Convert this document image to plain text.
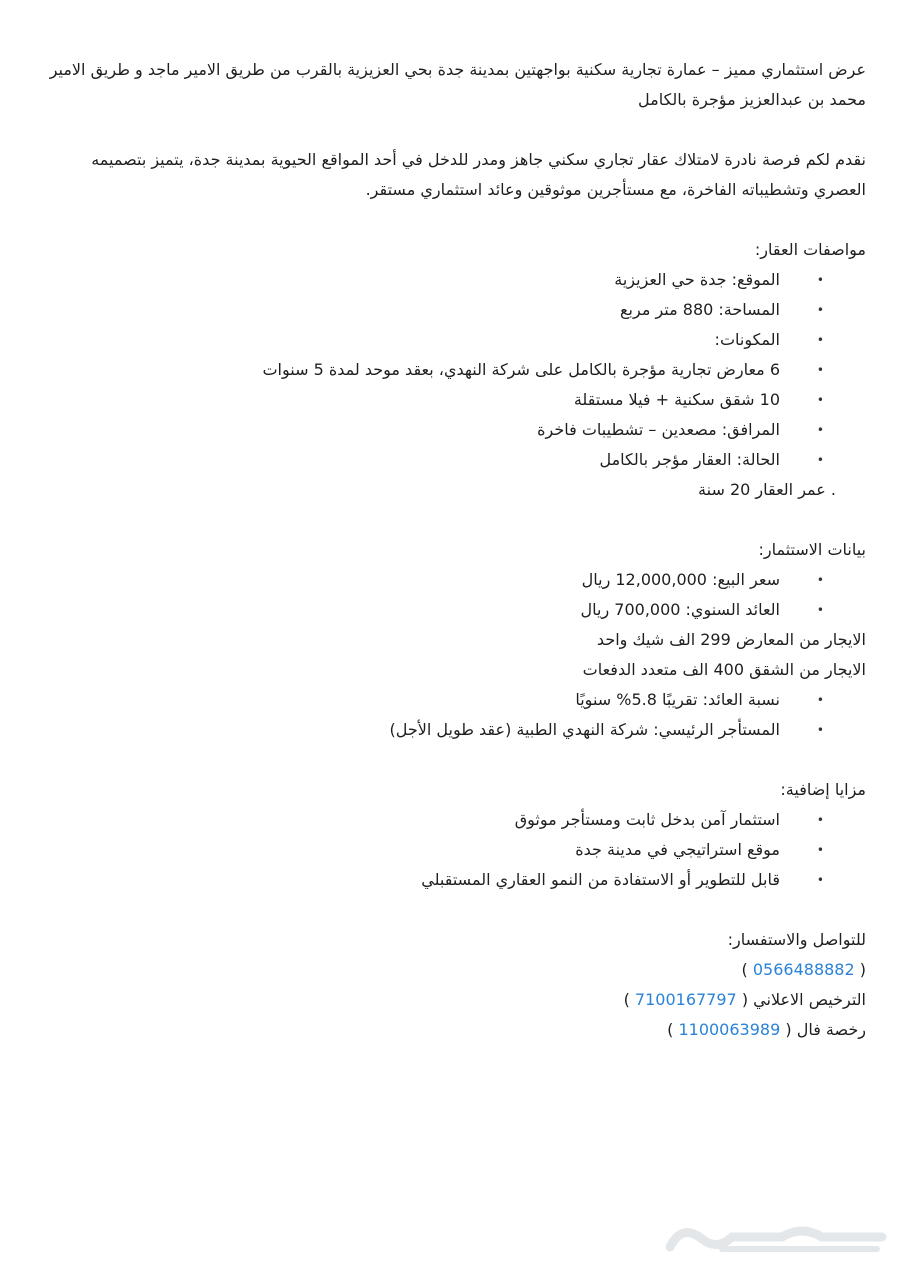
عرض استثماري مميز – عمارة تجارية سكنية بواجهتين بمدينة جدة بحي العزيزية بالقرب من طريق الامير ماجد و طريق الامير محمد بن عبدالعزيز مؤجرة بالكامل

نقدم لكم فرصة نادرة لامتلاك عقار تجاري سكني جاهز ومدر للدخل في أحد المواقع الحيوية بمدينة جدة، يتميز بتصميمه العصري وتشطيباته الفاخرة، مع مستأجرين موثوقين وعائد استثماري مستقر.

مواصفات العقار:

•
الموقع: جدة حي العزيزية
•
المساحة: 880 متر مربع
•
المكونات:
•
6 معارض تجارية مؤجرة بالكامل على شركة النهدي، بعقد موحد لمدة 5 سنوات
•
10 شقق سكنية + فيلا مستقلة
•
المرافق: مصعدين – تشطيبات فاخرة
•
الحالة: العقار مؤجر بالكامل

. عمر العقار 20 سنة

بيانات الاستثمار:

•
سعر البيع: 12,000,000 ريال
•
العائد السنوي: 700,000 ريال

الايجار من المعارض 299 الف شيك واحد

الايجار من الشقق 400 الف متعدد الدفعات

•
نسبة العائد: تقريبًا 5.8% سنويًا
•
المستأجر الرئيسي: شركة النهدي الطبية (عقد طويل الأجل)

مزايا إضافية:

•
استثمار آمن بدخل ثابت ومستأجر موثوق
•
موقع استراتيجي في مدينة جدة
•
قابل للتطوير أو الاستفادة من النمو العقاري المستقبلي

للتواصل والاستفسار:

( 0566488882 )

الترخيص الاعلاني ( 7100167797 )

رخصة فال ( 1100063989 )
